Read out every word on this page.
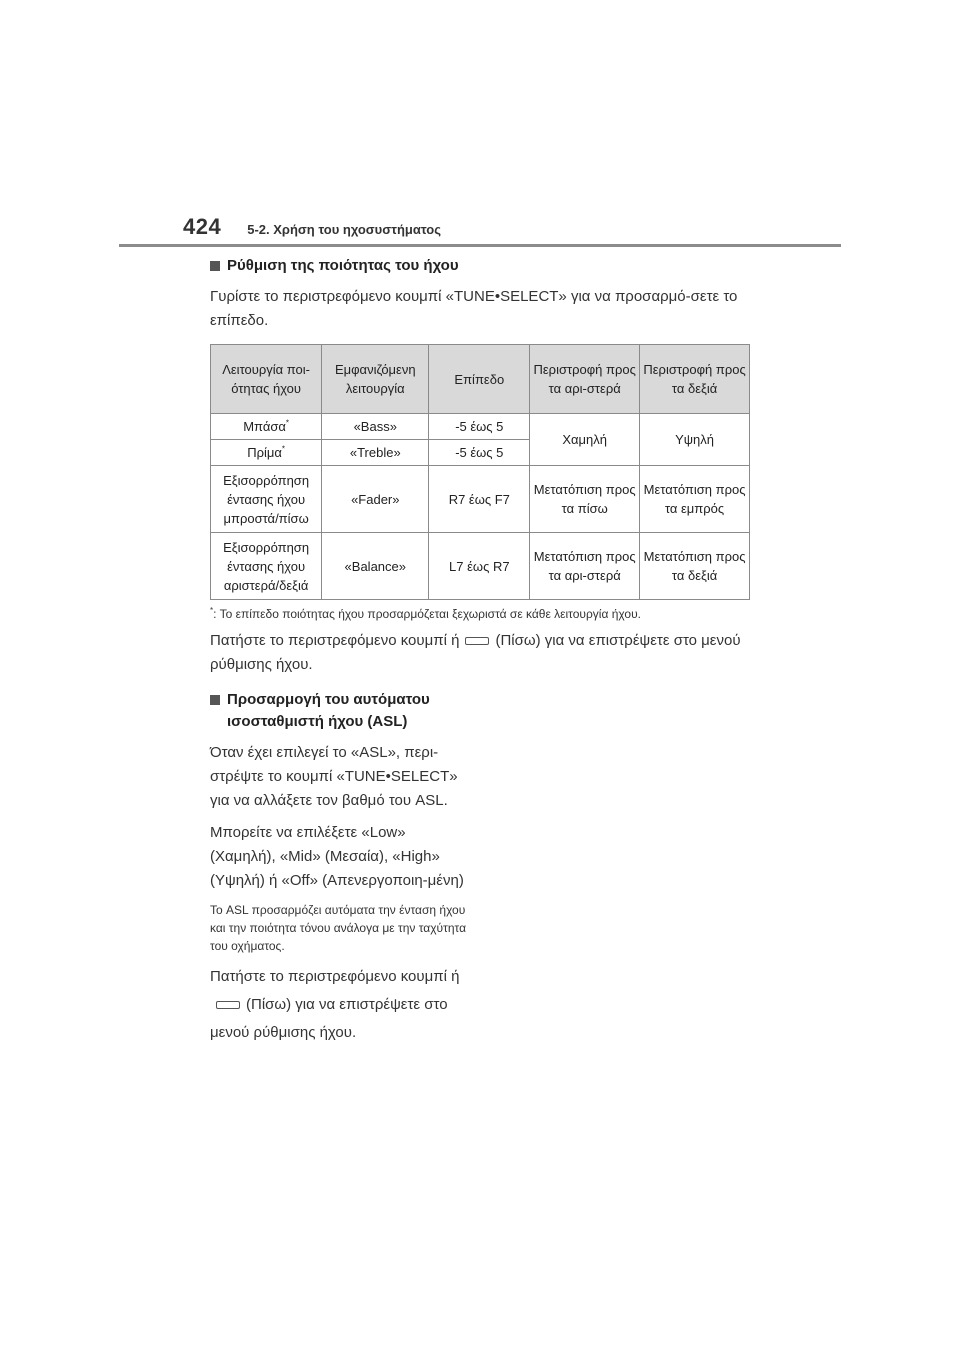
424 5-2. Χρήση του ηχοσυστήματος
Ρύθμιση της ποιότητας του ήχου
Γυρίστε το περιστρεφόμενο κουμπί «TUNE•SELECT» για να προσαρμό-σετε το επίπεδο.
Λειτουργία ποι-ότητας ήχου	Εμφανιζόμενη λειτουργία	Επίπεδο	Περιστροφή προς τα αρι-στερά	Περιστροφή προς τα δεξιά
Μπάσα*	«Bass»	-5 έως 5	Χαμηλή	Υψηλή
Πρίμα*	«Treble»	-5 έως 5		
Εξισορρόπηση έντασης ήχου μπροστά/πίσω	«Fader»	R7 έως F7	Μετατόπιση προς τα πίσω	Μετατόπιση προς τα εμπρός
Εξισορρόπηση έντασης ήχου αριστερά/δεξιά	«Balance»	L7 έως R7	Μετατόπιση προς τα αρι-στερά	Μετατόπιση προς τα δεξιά
*: Το επίπεδο ποιότητας ήχου προσαρμόζεται ξεχωριστά σε κάθε λειτουργία ήχου.
Πατήστε το περιστρεφόμενο κουμπί ή (Πίσω) για να επιστρέψετε στο μενού ρύθμισης ήχου.
Προσαρμογή του αυτόματου ισοσταθμιστή ήχου (ASL)
Όταν έχει επιλεγεί το «ASL», περι-στρέψτε το κουμπί «TUNE•SELECT» για να αλλάξετε τον βαθμό του ASL.
Μπορείτε να επιλέξετε «Low» (Χαμηλή), «Mid» (Μεσαία), «High» (Υψηλή) ή «Off» (Απενεργοποιη-μένη)
Το ASL προσαρμόζει αυτόματα την ένταση ήχου και την ποιότητα τόνου ανάλογα με την ταχύτητα του οχήματος.
Πατήστε το περιστρεφόμενο κουμπί ή(Πίσω) για να επιστρέψετε στο μενού ρύθμισης ήχου.
